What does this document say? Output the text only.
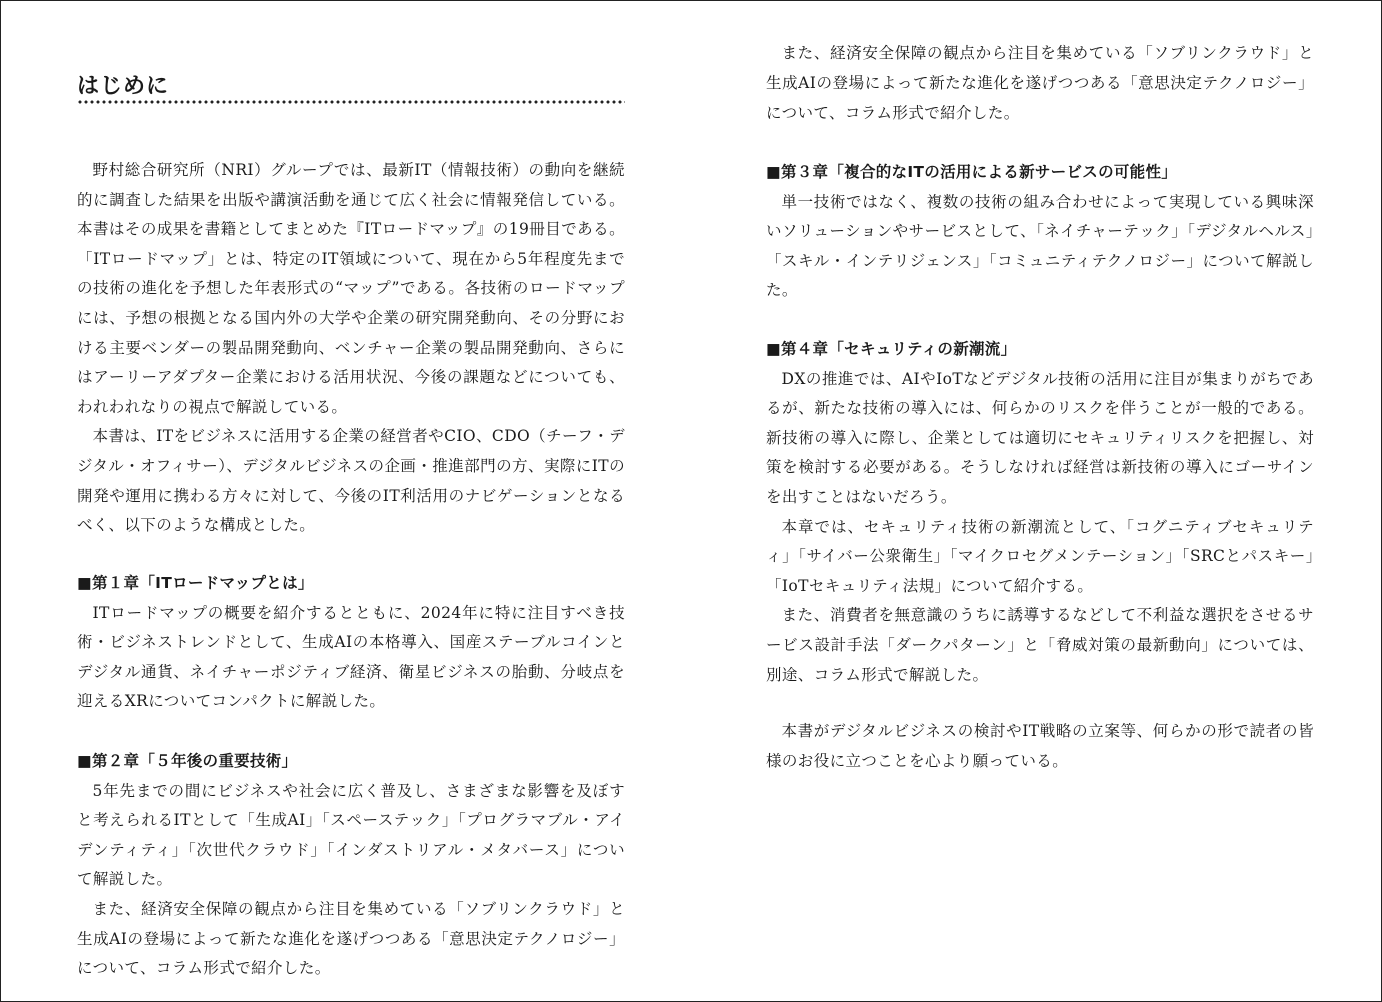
はじめに

野村総合研究所（NRI）グループでは、最新IT（情報技術）の動向を継続的に調査した結果を出版や講演活動を通じて広く社会に情報発信している。本書はその成果を書籍としてまとめた『ITロードマップ』の19冊目である。「ITロードマップ」とは、特定のIT領域について、現在から5年程度先までの技術の進化を予想した年表形式の“マップ”である。各技術のロードマップには、予想の根拠となる国内外の大学や企業の研究開発動向、その分野における主要ベンダーの製品開発動向、ベンチャー企業の製品開発動向、さらにはアーリーアダプター企業における活用状況、今後の課題などについても、われわれなりの視点で解説している。

本書は、ITをビジネスに活用する企業の経営者やCIO、CDO（チーフ・デジタル・オフィサー）、デジタルビジネスの企画・推進部門の方、実際にITの開発や運用に携わる方々に対して、今後のIT利活用のナビゲーションとなるべく、以下のような構成とした。

■第１章「ITロードマップとは」

ITロードマップの概要を紹介するとともに、2024年に特に注目すべき技術・ビジネストレンドとして、生成AIの本格導入、国産ステーブルコインとデジタル通貨、ネイチャーポジティブ経済、衛星ビジネスの胎動、分岐点を迎えるXRについてコンパクトに解説した。

■第２章「５年後の重要技術」

5年先までの間にビジネスや社会に広く普及し、さまざまな影響を及ぼすと考えられるITとして「生成AI」「スペーステック」「プログラマブル・アイデンティティ」「次世代クラウド」「インダストリアル・メタバース」について解説した。

また、経済安全保障の観点から注目を集めている「ソブリンクラウド」と生成AIの登場によって新たな進化を遂げつつある「意思決定テクノロジー」について、コラム形式で紹介した。

また、経済安全保障の観点から注目を集めている「ソブリンクラウド」と生成AIの登場によって新たな進化を遂げつつある「意思決定テクノロジー」について、コラム形式で紹介した。

■第３章「複合的なITの活用による新サービスの可能性」

単一技術ではなく、複数の技術の組み合わせによって実現している興味深いソリューションやサービスとして、「ネイチャーテック」「デジタルヘルス」「スキル・インテリジェンス」「コミュニティテクノロジー」について解説した。

■第４章「セキュリティの新潮流」

DXの推進では、AIやIoTなどデジタル技術の活用に注目が集まりがちであるが、新たな技術の導入には、何らかのリスクを伴うことが一般的である。新技術の導入に際し、企業としては適切にセキュリティリスクを把握し、対策を検討する必要がある。そうしなければ経営は新技術の導入にゴーサインを出すことはないだろう。

本章では、セキュリティ技術の新潮流として、「コグニティブセキュリティ」「サイバー公衆衛生」「マイクロセグメンテーション」「SRCとパスキー」「IoTセキュリティ法規」について紹介する。

また、消費者を無意識のうちに誘導するなどして不利益な選択をさせるサービス設計手法「ダークパターン」と「脅威対策の最新動向」については、別途、コラム形式で解説した。

本書がデジタルビジネスの検討やIT戦略の立案等、何らかの形で読者の皆様のお役に立つことを心より願っている。
